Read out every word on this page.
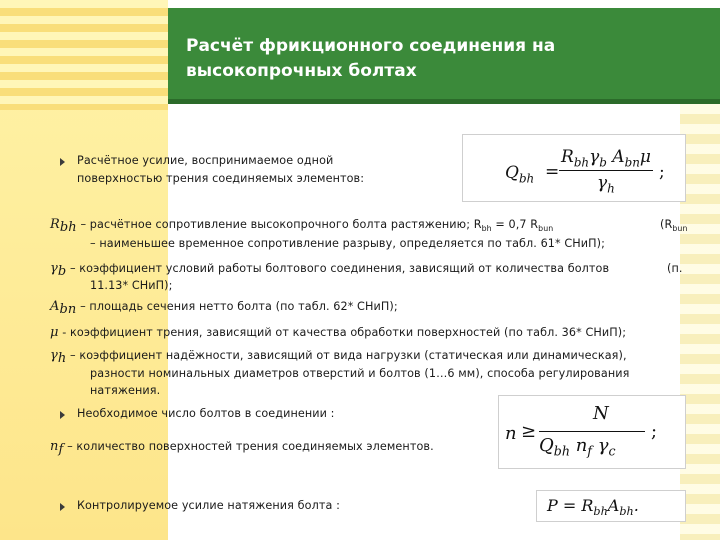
Расчёт фрикционного соединения на
высокопрочных болтах
Расчётное усилие, воспринимаемое одной
поверхностью трения соединяемых элементов:	$Q_{bh}$ =
$R_{bh}\gamma_b$ $A_{bn}\mu$
$\gamma_h$
;
$R_{bh}$ – расчётное сопротивление высокопрочного болта растяжению; $R_{bh} = 0,7$ $R_{bun}$	($R_{bun}$
– наименьшее временное сопротивление разрыву, определяется по табл. 61* СНиП);
$\gamma_b$ – коэффициент условий работы болтового соединения, зависящий от количества болтов	(п.
11.13* СНиП);
$A_{bn}$ – площадь сечения нетто болта (по табл. 62* СНиП);
μ - коэффициент трения, зависящий от качества обработки поверхностей (по табл. 36* СНиП);
$\gamma_h$ – коэффициент надёжности, зависящий от вида нагрузки (статическая или динамическая),
разности номинальных диаметров отверстий и болтов (1…6 мм), способа регулирования
натяжения.
Необходимое число болтов в соединении :
n ≥
N
$Q_{bh}$ $n_f$ $\gamma_c$
;
$n_f$ – количество поверхностей трения соединяемых элементов.
Контролируемое усилие натяжения болта :	$P = R_{bh}A_{bh}$.
